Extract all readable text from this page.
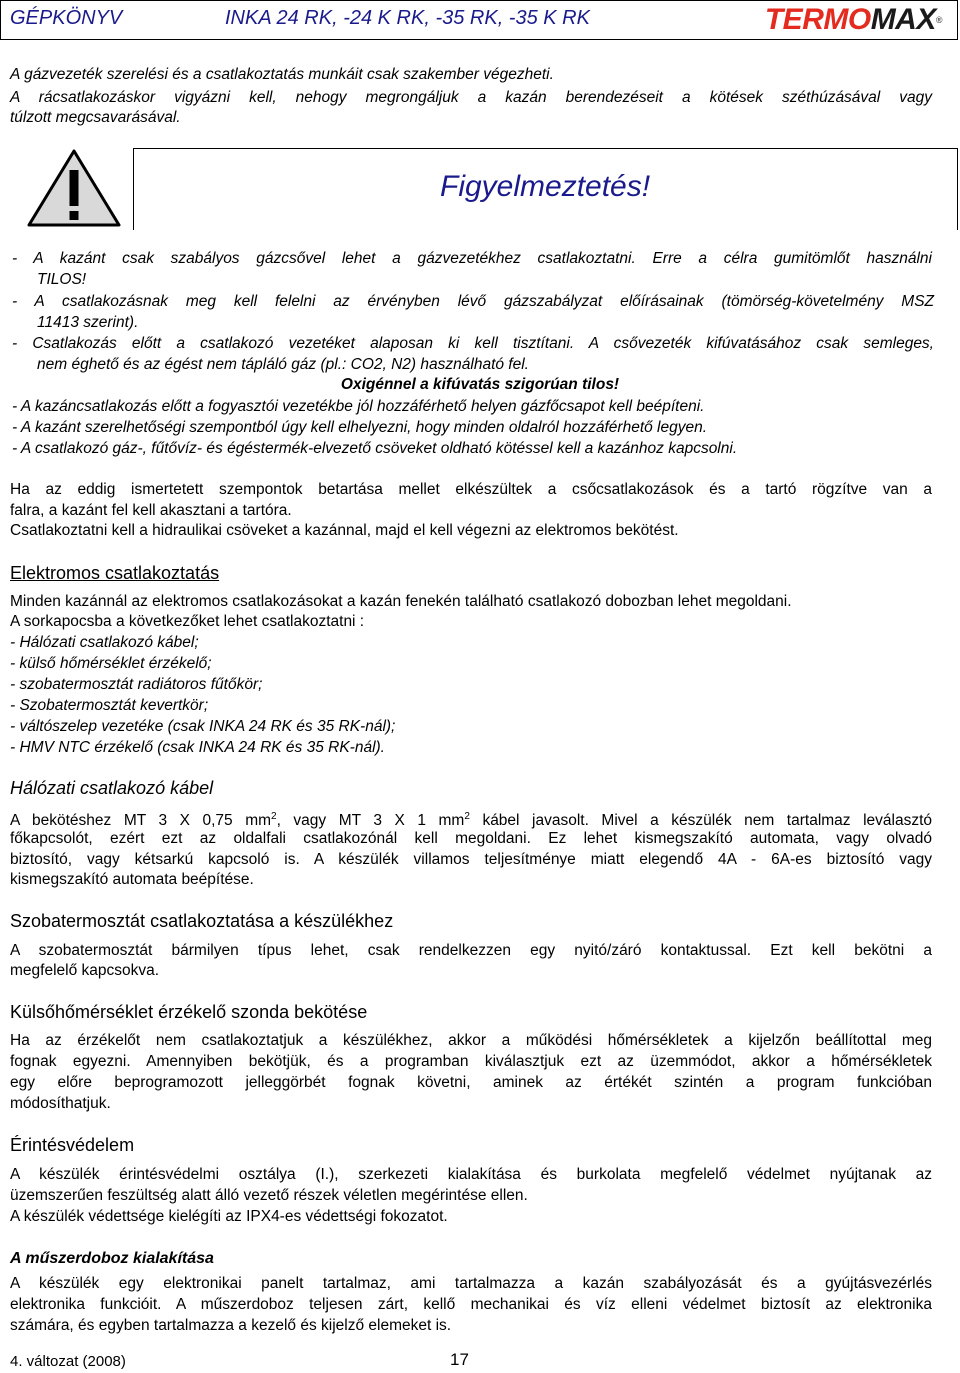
GÉPKÖNYV	INKA 24 RK, -24 K RK, -35 RK, -35 K RK	TERMOMAX®
A gázvezeték szerelési és a csatlakoztatás munkáit csak szakember végezheti.
A rácsatlakozáskor vigyázni kell, nehogy megrongáljuk a kazán berendezéseit a kötések széthúzásával vagy
túlzott megcsavarásával.
Figyelmeztetés!
- A kazánt csak szabályos gázcsővel lehet a gázvezetékhez csatlakoztatni. Erre a célra gumitömlőt használni
TILOS!
- A csatlakozásnak meg kell felelni az érvényben lévő gázszabályzat előírásainak (tömörség-követelmény MSZ
11413 szerint).
- Csatlakozás előtt a csatlakozó vezetéket alaposan ki kell tisztítani. A csővezeték kifúvatásához csak semleges,
nem éghető és az égést nem tápláló gáz (pl.: CO2, N2) használható fel.
Oxigénnel a kifúvatás szigorúan tilos!
- A kazáncsatlakozás előtt a fogyasztói vezetékbe jól hozzáférhető helyen gázfőcsapot kell beépíteni.
- A kazánt szerelhetőségi szempontból úgy kell elhelyezni, hogy minden oldalról hozzáférhető legyen.
- A csatlakozó gáz-, fűtővíz- és égéstermék-elvezető csöveket oldható kötéssel kell a kazánhoz kapcsolni.
Ha az eddig ismertetett szempontok betartása mellet elkészültek a csőcsatlakozások és a tartó rögzítve van a
falra, a kazánt fel kell akasztani a tartóra.
Csatlakoztatni kell a hidraulikai csöveket a kazánnal, majd el kell végezni az elektromos bekötést.
Elektromos csatlakoztatás
Minden kazánnál az elektromos csatlakozásokat a kazán fenekén található csatlakozó dobozban lehet megoldani.
A sorkapocsba a következőket lehet csatlakoztatni :
- Hálózati csatlakozó kábel;
- külső hőmérséklet érzékelő;
- szobatermosztát radiátoros fűtőkör;
- Szobatermosztát kevertkör;
- váltószelep vezetéke (csak INKA 24 RK és 35 RK-nál);
- HMV NTC érzékelő (csak INKA 24 RK és 35 RK-nál).
Hálózati csatlakozó kábel
A bekötéshez MT 3 X 0,75 $mm^2$, vagy MT 3 X 1 $mm^2$ kábel javasolt. Mivel a készülék nem tartalmaz leválasztó
főkapcsolót, ezért ezt az oldalfali csatlakozónál kell megoldani. Ez lehet kismegszakító automata, vagy olvadó
biztosító, vagy kétsarkú kapcsoló is. A készülék villamos teljesítménye miatt elegendő 4A - 6A-es biztosító vagy
kismegszakító automata beépítése.
Szobatermosztát csatlakoztatása a készülékhez
A szobatermosztát bármilyen típus lehet, csak rendelkezzen egy nyitó/záró kontaktussal. Ezt kell bekötni a
megfelelő kapcsokva.
Külsőhőmérséklet érzékelő szonda bekötése
Ha az érzékelőt nem csatlakoztatjuk a készülékhez, akkor a működési hőmérsékletek a kijelzőn beállítottal meg
fognak egyezni. Amennyiben bekötjük, és a programban kiválasztjuk ezt az üzemmódot, akkor a hőmérsékletek
egy előre beprogramozott jelleggörbét fognak követni, aminek az értékét szintén a program funkcióban
módosíthatjuk.
Érintésvédelem
A készülék érintésvédelmi osztálya (I.), szerkezeti kialakítása és burkolata megfelelő védelmet nyújtanak az
üzemszerűen feszültség alatt álló vezető részek véletlen megérintése ellen.
A készülék védettsége kielégíti az IPX4-es védettségi fokozatot.
A műszerdoboz kialakítása
A készülék egy elektronikai panelt tartalmaz, ami tartalmazza a kazán szabályozását és a gyújtásvezérlés
elektronika funkcióit. A műszerdoboz teljesen zárt, kellő mechanikai és víz elleni védelmet biztosít az elektronika
számára, és egyben tartalmazza a kezelő és kijelző elemeket is.
4. változat (2008)	17
